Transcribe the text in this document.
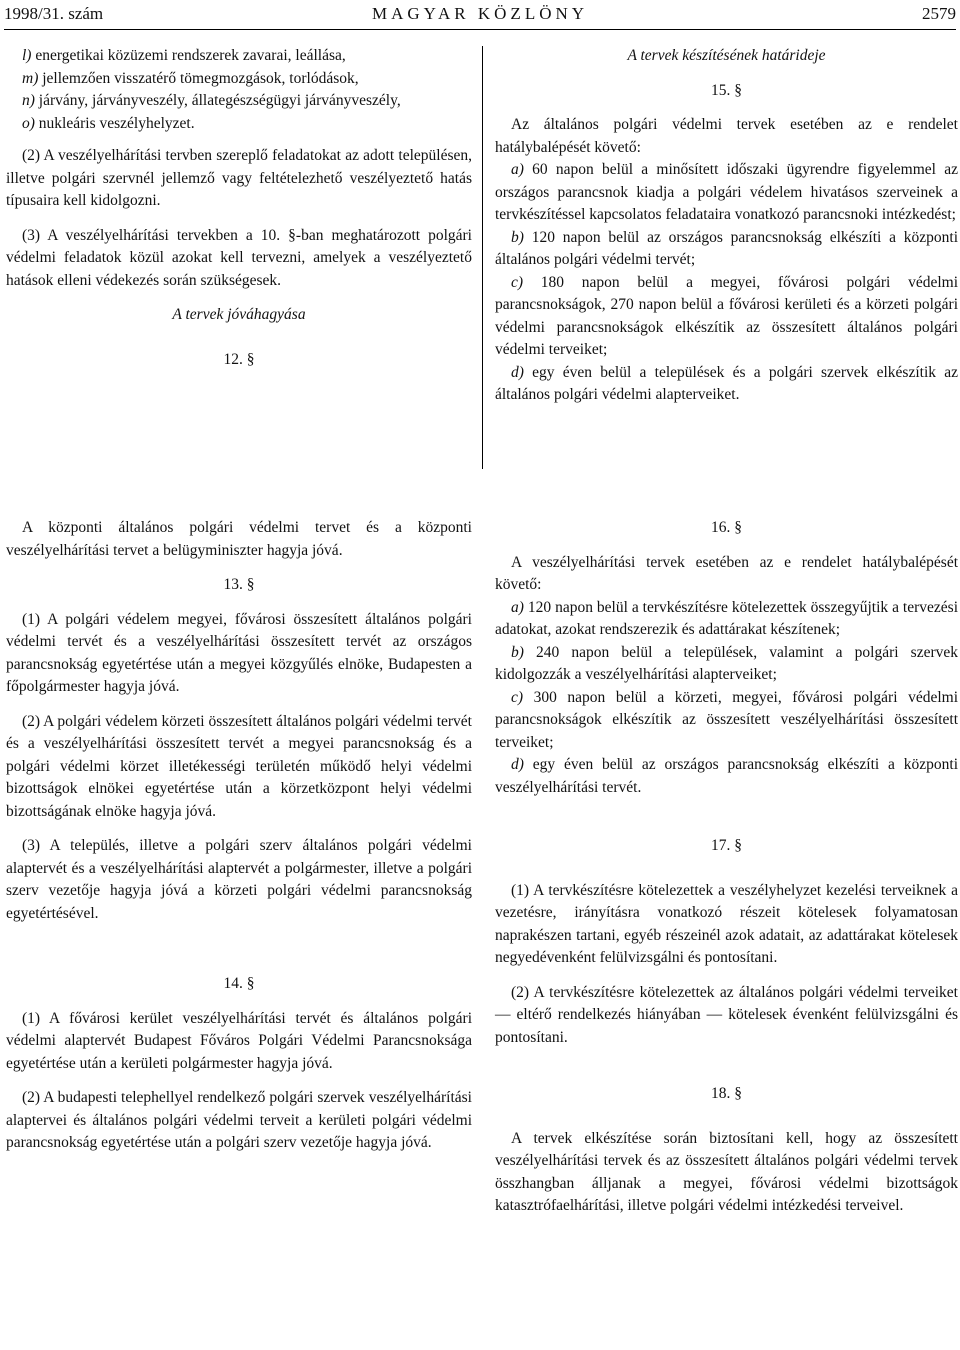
1998/31. szám	MAGYAR KÖZLÖNY	2579

l) energetikai közüzemi rendszerek zavarai, leállása,

m) jellemzően visszatérő tömegmozgások, torlódások,

n) járvány, járványveszély, állategészségügyi járványveszély,

o) nukleáris veszélyhelyzet.

(2) A veszélyelhárítási tervben szereplő feladatokat az adott településen, illetve polgári szervnél jellemző vagy feltételezhető veszélyeztető hatás típusaira kell kidolgozni.

(3) A veszélyelhárítási tervekben a 10. §-ban meghatározott polgári védelmi feladatok közül azokat kell tervezni, amelyek a veszélyeztető hatások elleni védekezés során szükségesek.

A tervek jóváhagyása
12. §
A tervek készítésének határideje
15. §

Az általános polgári védelmi tervek esetében az e rendelet hatálybalépését követő:

a) 60 napon belül a minősített időszaki ügyrendre figyelemmel az országos parancsnok kiadja a polgári védelem hivatásos szerveinek a tervkészítéssel kapcsolatos feladataira vonatkozó parancsnoki intézkedést;

b) 120 napon belül az országos parancsnokság elkészíti a központi általános polgári védelmi tervét;

c) 180 napon belül a megyei, fővárosi polgári védelmi parancsnokságok, 270 napon belül a fővárosi kerületi és a körzeti polgári védelmi parancsnokságok elkészítik az összesített általános polgári védelmi terveiket;

d) egy éven belül a települések és a polgári szervek elkészítik az általános polgári védelmi alapterveiket.

A központi általános polgári védelmi tervet és a központi veszélyelhárítási tervet a belügyminiszter hagyja jóvá.

13. §

(1) A polgári védelem megyei, fővárosi összesített általános polgári védelmi tervét és a veszélyelhárítási összesített tervét az országos parancsnokság egyetértése után a megyei közgyűlés elnöke, Budapesten a főpolgármester hagyja jóvá.

(2) A polgári védelem körzeti összesített általános polgári védelmi tervét és a veszélyelhárítási összesített tervét a megyei parancsnokság és a polgári védelmi körzet illetékességi területén működő helyi védelmi bizottságok elnökei egyetértése után a körzetközpont helyi védelmi bizottságának elnöke hagyja jóvá.

(3) A település, illetve a polgári szerv általános polgári védelmi alaptervét és a veszélyelhárítási alaptervét a polgármester, illetve a polgári szerv vezetője hagyja jóvá a körzeti polgári védelmi parancsnokság egyetértésével.

14. §

(1) A fővárosi kerület veszélyelhárítási tervét és általános polgári védelmi alaptervét Budapest Főváros Polgári Védelmi Parancsnoksága egyetértése után a kerületi polgármester hagyja jóvá.

(2) A budapesti telephellyel rendelkező polgári szervek veszélyelhárítási alaptervei és általános polgári védelmi terveit a kerületi polgári védelmi parancsnokság egyetértése után a polgári szerv vezetője hagyja jóvá.

16. §

A veszélyelhárítási tervek esetében az e rendelet hatálybalépését követő:

a) 120 napon belül a tervkészítésre kötelezettek összegyűjtik a tervezési adatokat, azokat rendszerezik és adattárakat készítenek;

b) 240 napon belül a települések, valamint a polgári szervek kidolgozzák a veszélyelhárítási alapterveiket;

c) 300 napon belül a körzeti, megyei, fővárosi polgári védelmi parancsnokságok elkészítik az összesített veszélyelhárítási összesített terveiket;

d) egy éven belül az országos parancsnokság elkészíti a központi veszélyelhárítási tervét.

17. §

(1) A tervkészítésre kötelezettek a veszélyhelyzet kezelési terveiknek a vezetésre, irányításra vonatkozó részeit kötelesek folyamatosan naprakészen tartani, egyéb részeinél azok adatait, az adattárakat kötelesek negyedévenként felülvizsgálni és pontosítani.

(2) A tervkészítésre kötelezettek az általános polgári védelmi terveiket — eltérő rendelkezés hiányában — kötelesek évenként felülvizsgálni és pontosítani.

18. §

A tervek elkészítése során biztosítani kell, hogy az összesített veszélyelhárítási tervek és az összesített általános polgári védelmi tervek összhangban álljanak a megyei, fővárosi védelmi bizottságok katasztrófaelhárítási, illetve polgári védelmi intézkedési terveivel.
